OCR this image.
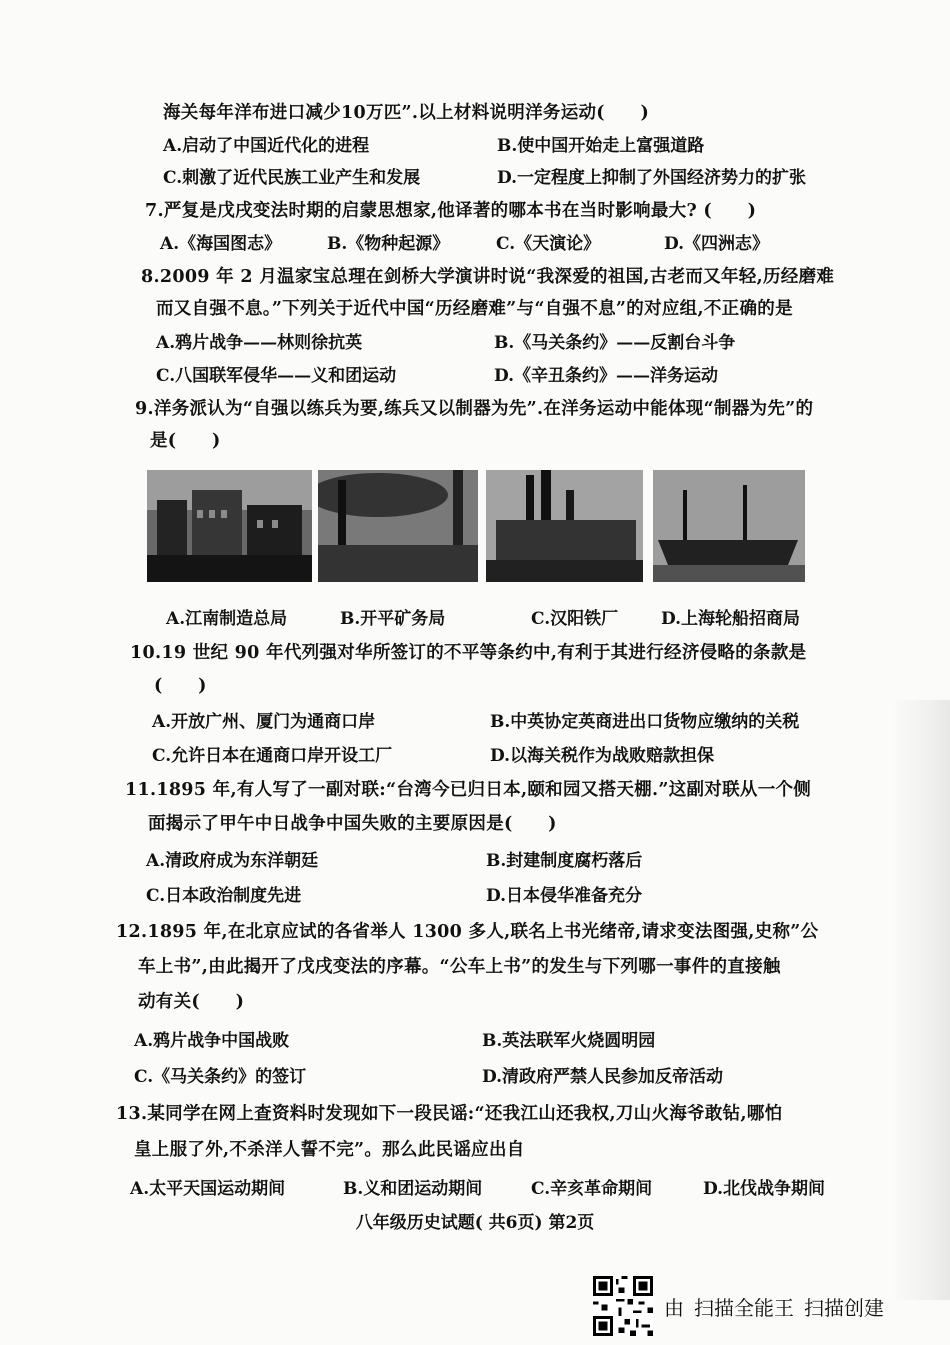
海关每年洋布进口减少10万匹”.以上材料说明洋务运动(　　)
A.启动了中国近代化的进程	B.使中国开始走上富强道路
C.刺激了近代民族工业产生和发展	D.一定程度上抑制了外国经济势力的扩张
7.严复是戊戌变法时期的启蒙思想家,他译著的哪本书在当时影响最大? (　　)
A.《海国图志》	B.《物种起源》	C.《天演论》	D.《四洲志》
8.2009 年 2 月温家宝总理在剑桥大学演讲时说“我深爱的祖国,古老而又年轻,历经磨难
而又自强不息。”下列关于近代中国“历经磨难”与“自强不息”的对应组,不正确的是
A.鸦片战争——林则徐抗英	B.《马关条约》——反割台斗争
C.八国联军侵华——义和团运动	D.《辛丑条约》——洋务运动
9.洋务派认为“自强以练兵为要,练兵又以制器为先”.在洋务运动中能体现“制器为先”的
是(　　)
A.江南制造总局	B.开平矿务局	C.汉阳铁厂	D.上海轮船招商局
10.19 世纪 90 年代列强对华所签订的不平等条约中,有利于其进行经济侵略的条款是
(　　)
A.开放广州、厦门为通商口岸	B.中英协定英商进出口货物应缴纳的关税
C.允许日本在通商口岸开设工厂	D.以海关税作为战败赔款担保
11.1895 年,有人写了一副对联:“台湾今已归日本,颐和园又搭天棚.”这副对联从一个侧
面揭示了甲午中日战争中国失败的主要原因是(　　)
A.清政府成为东洋朝廷	B.封建制度腐朽落后
C.日本政治制度先进	D.日本侵华准备充分
12.1895 年,在北京应试的各省举人 1300 多人,联名上书光绪帝,请求变法图强,史称”公
车上书”,由此揭开了戊戌变法的序幕。“公车上书”的发生与下列哪一事件的直接触
动有关(　　)
A.鸦片战争中国战败	B.英法联军火烧圆明园
C.《马关条约》的签订	D.清政府严禁人民参加反帝活动
13.某同学在网上查资料时发现如下一段民谣:“还我江山还我权,刀山火海爷敢钻,哪怕
皇上服了外,不杀洋人誓不完”。那么此民谣应出自
A.太平天国运动期间	B.义和团运动期间	C.辛亥革命期间	D.北伐战争期间
八年级历史试题( 共6页) 第2页
由 扫描全能王 扫描创建
